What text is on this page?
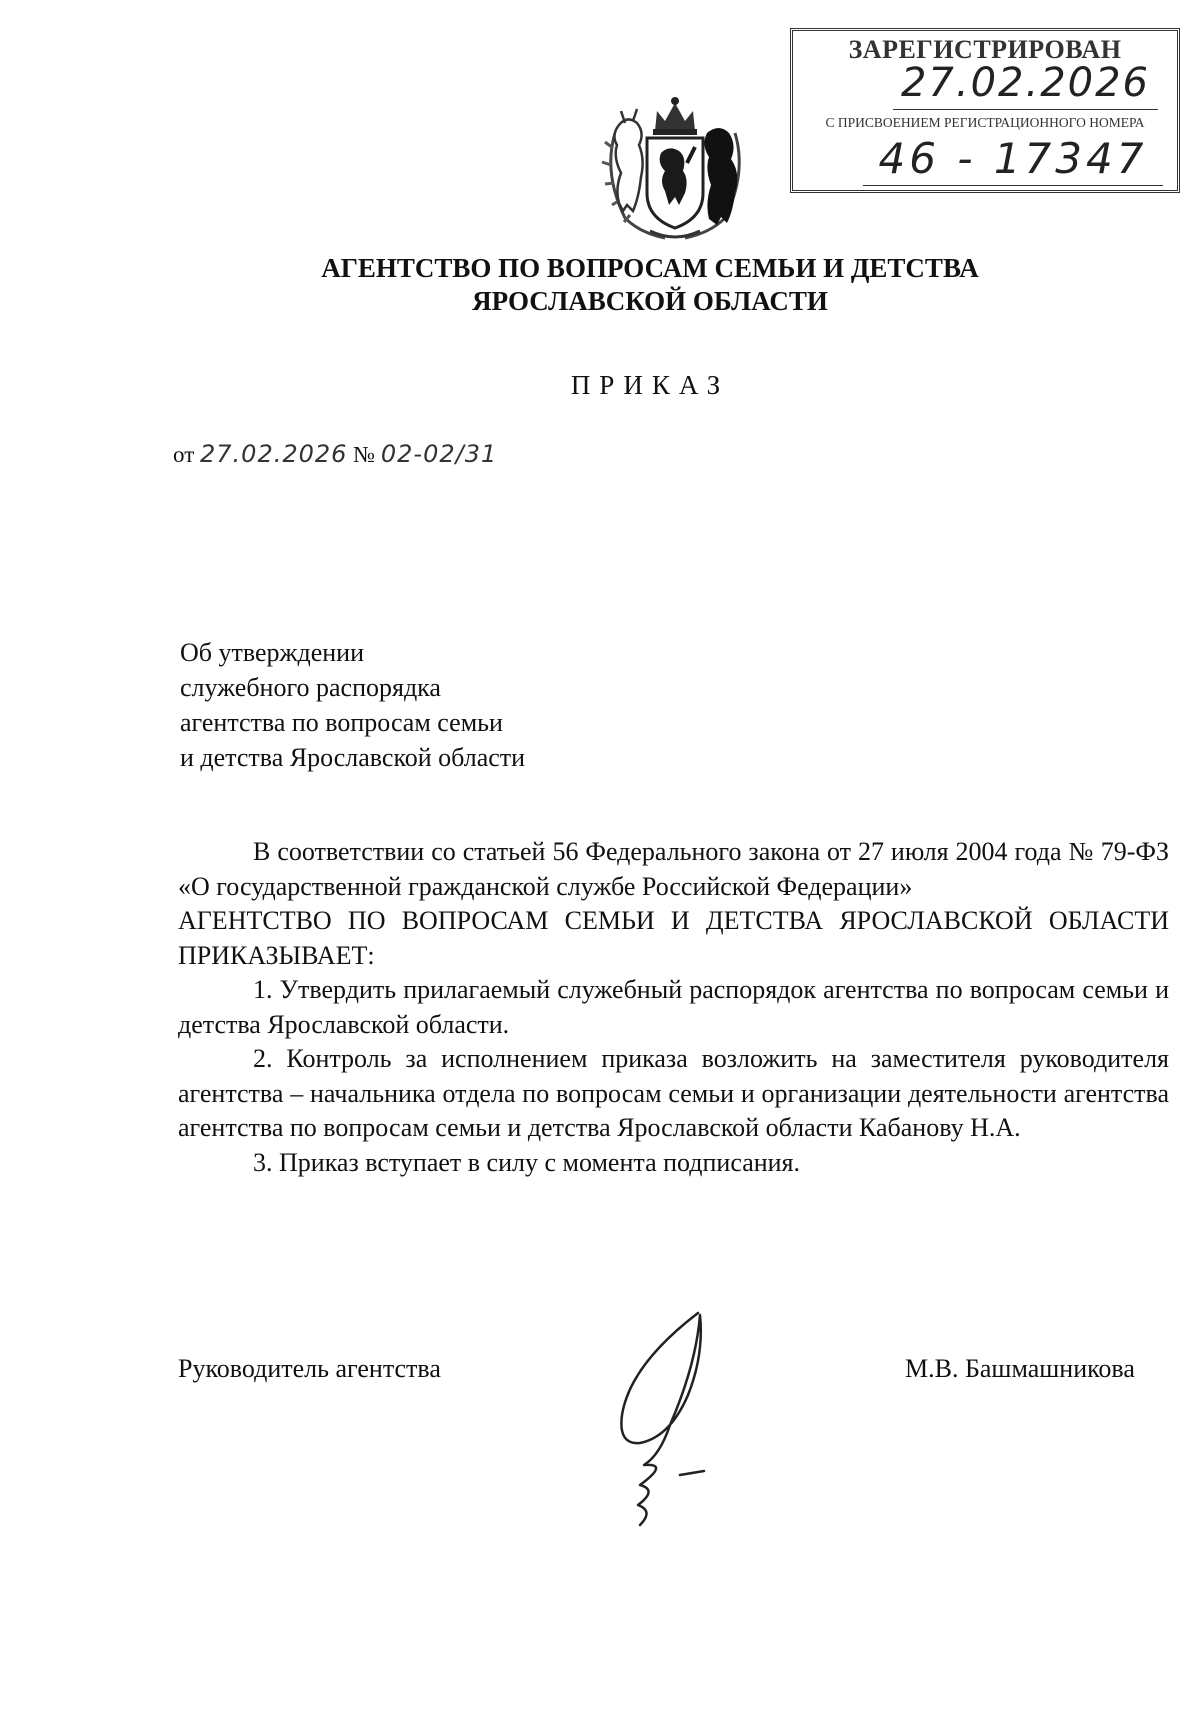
ЗАРЕГИСТРИРОВАН
27.02.2026
С ПРИСВОЕНИЕМ РЕГИСТРАЦИОННОГО НОМЕРА
46 - 17347
АГЕНТСТВО ПО ВОПРОСАМ СЕМЬИ И ДЕТСТВА
ЯРОСЛАВСКОЙ ОБЛАСТИ
ПРИКАЗ
от 27.02.2026 № 02-02/31
Об утверждении
служебного распорядка
агентства по вопросам семьи
и детства Ярославской области

В соответствии со статьей 56 Федерального закона от 27 июля 2004 года № 79-ФЗ «О государственной гражданской службе Российской Федерации»

АГЕНТСТВО ПО ВОПРОСАМ СЕМЬИ И ДЕТСТВА ЯРОСЛАВСКОЙ ОБЛАСТИ ПРИКАЗЫВАЕТ:

1. Утвердить прилагаемый служебный распорядок агентства по вопросам семьи и детства Ярославской области.

2. Контроль за исполнением приказа возложить на заместителя руководителя агентства – начальника отдела по вопросам семьи и организации деятельности агентства агентства по вопросам семьи и детства Ярославской области Кабанову Н.А.

3. Приказ вступает в силу с момента подписания.

Руководитель агентства	М.В. Башмашникова
